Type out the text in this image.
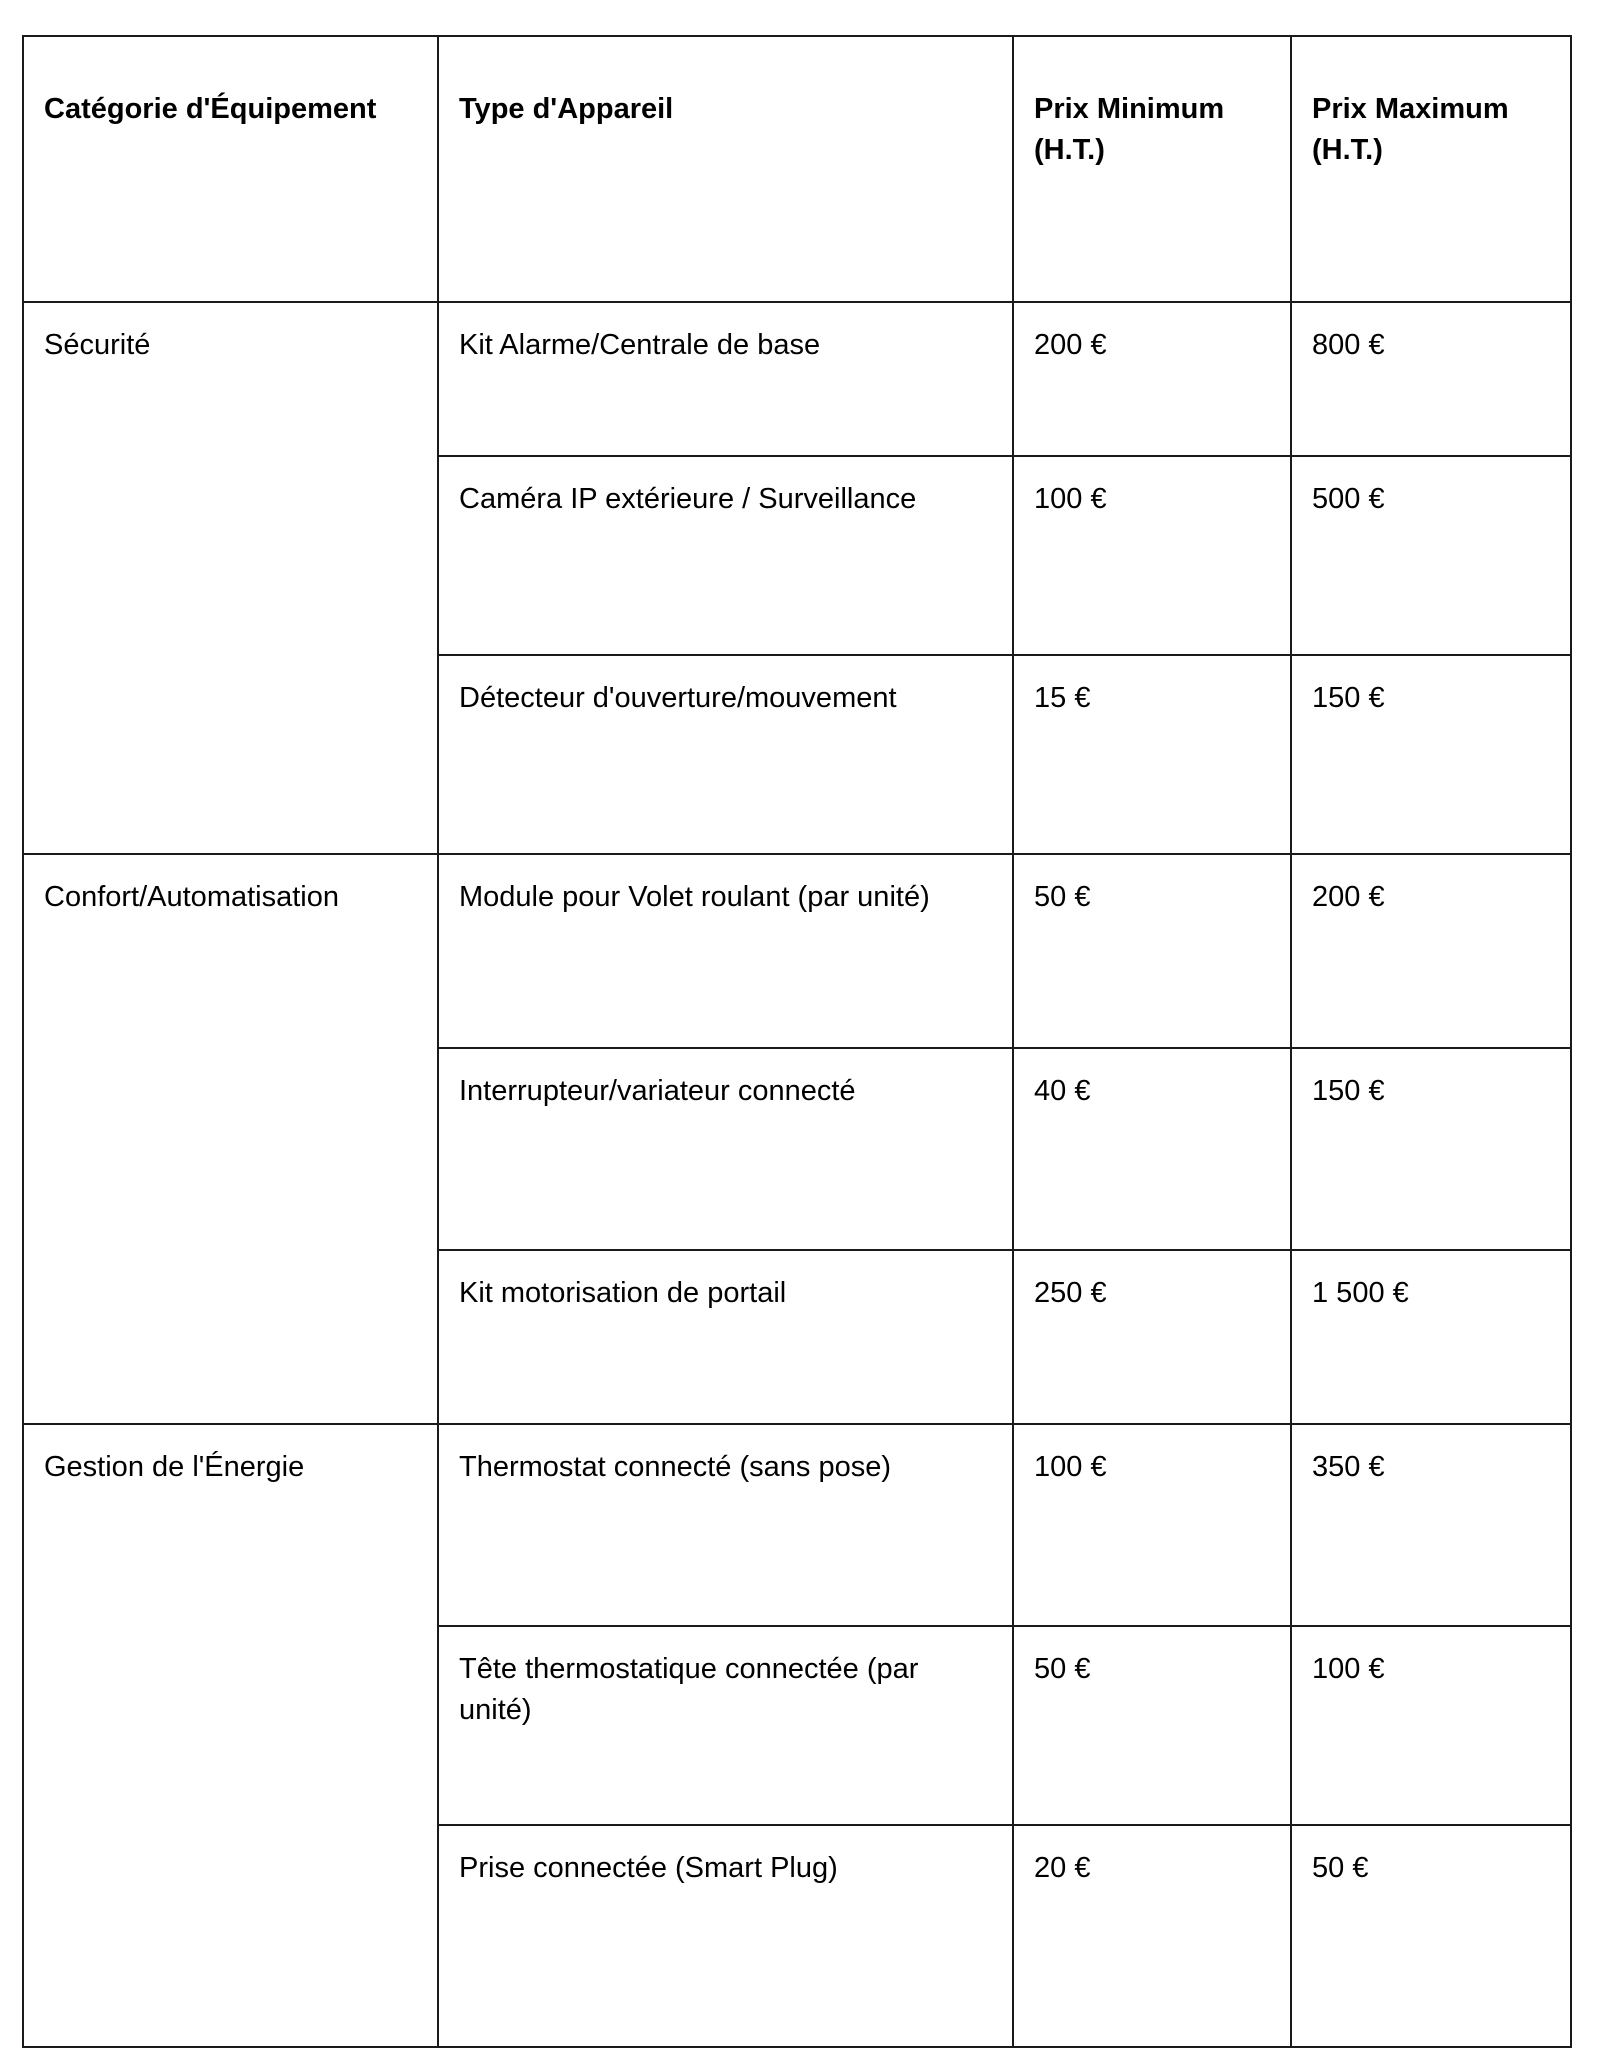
Catégorie d'Équipement	Type d'Appareil	Prix Minimum (H.T.)	Prix Maximum (H.T.)
Sécurité	Kit Alarme/Centrale de base	200 €	800 €
	Caméra IP extérieure / Surveillance	100 €	500 €
	Détecteur d'ouverture/mouvement	15 €	150 €
Confort/Automatisation	Module pour Volet roulant (par unité)	50 €	200 €
	Interrupteur/variateur connecté	40 €	150 €
	Kit motorisation de portail	250 €	1 500 €
Gestion de l'Énergie	Thermostat connecté (sans pose)	100 €	350 €
	Tête thermostatique connectée (par unité)	50 €	100 €
	Prise connectée (Smart Plug)	20 €	50 €
